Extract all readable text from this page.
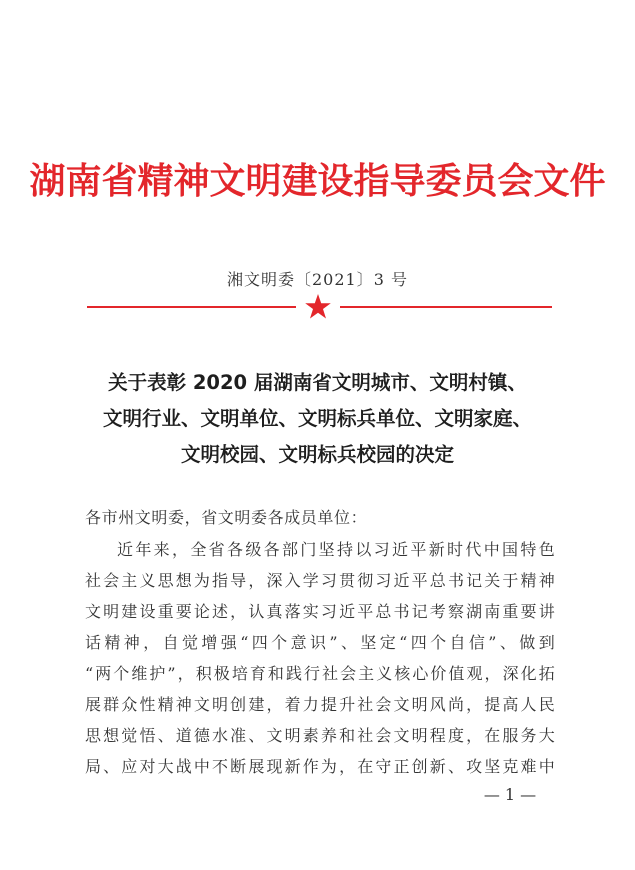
湖南省精神文明建设指导委员会文件
湘文明委〔2021〕3 号
关于表彰 2020 届湖南省文明城市、文明村镇、
文明行业、文明单位、文明标兵单位、文明家庭、
文明校园、文明标兵校园的决定
各市州文明委，省文明委各成员单位：
近年来，全省各级各部门坚持以习近平新时代中国特色
社会主义思想为指导，深入学习贯彻习近平总书记关于精神
文明建设重要论述，认真落实习近平总书记考察湖南重要讲
话精神，自觉增强“四个意识”、坚定“四个自信”、做到
“两个维护”，积极培育和践行社会主义核心价值观，深化拓
展群众性精神文明创建，着力提升社会文明风尚，提高人民
思想觉悟、道德水准、文明素养和社会文明程度，在服务大
局、应对大战中不断展现新作为，在守正创新、攻坚克难中
— 1 —
